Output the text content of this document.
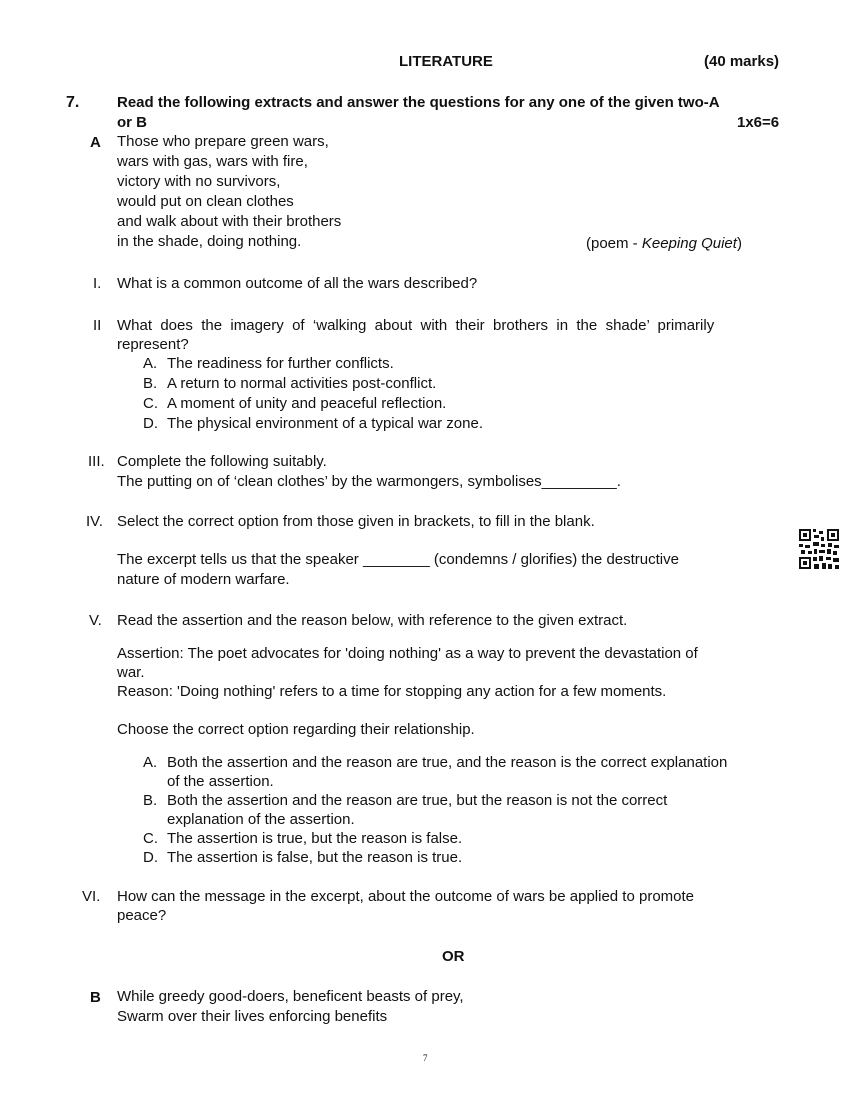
LITERATURE	(40 marks)
7.	Read the following extracts and answer the questions for any one of the given two-A
or B	1x6=6
A Those who prepare green wars,
wars with gas, wars with fire,
victory with no survivors,
would put on clean clothes
and walk about with their brothers
in the shade, doing nothing.	(poem - Keeping Quiet)
I. What is a common outcome of all the wars described?
II What  does  the  imagery  of  ‘walking  about  with  their  brothers  in  the  shade’  primarily
represent?
A. The readiness for further conflicts.
B. A return to normal activities post-conflict.
C. A moment of unity and peaceful reflection.
D. The physical environment of a typical war zone.
III. Complete the following suitably.
The putting on of ‘clean clothes’ by the warmongers, symbolises_________.
IV. Select the correct option from those given in brackets, to fill in the blank.
The excerpt tells us that the speaker ________ (condemns / glorifies) the destructive
nature of modern warfare.
V. Read the assertion and the reason below, with reference to the given extract.
Assertion: The poet advocates for 'doing nothing' as a way to prevent the devastation of
war.
Reason: 'Doing nothing' refers to a time for stopping any action for a few moments.
Choose the correct option regarding their relationship.
A. Both the assertion and the reason are true, and the reason is the correct explanation
of the assertion.
B. Both the assertion and the reason are true, but the reason is not the correct
explanation of the assertion.
C. The assertion is true, but the reason is false.
D. The assertion is false, but the reason is true.
VI. How can the message in the excerpt, about the outcome of wars be applied to promote
peace?
OR
B While greedy good-doers, beneficent beasts of prey,
Swarm over their lives enforcing benefits
7
